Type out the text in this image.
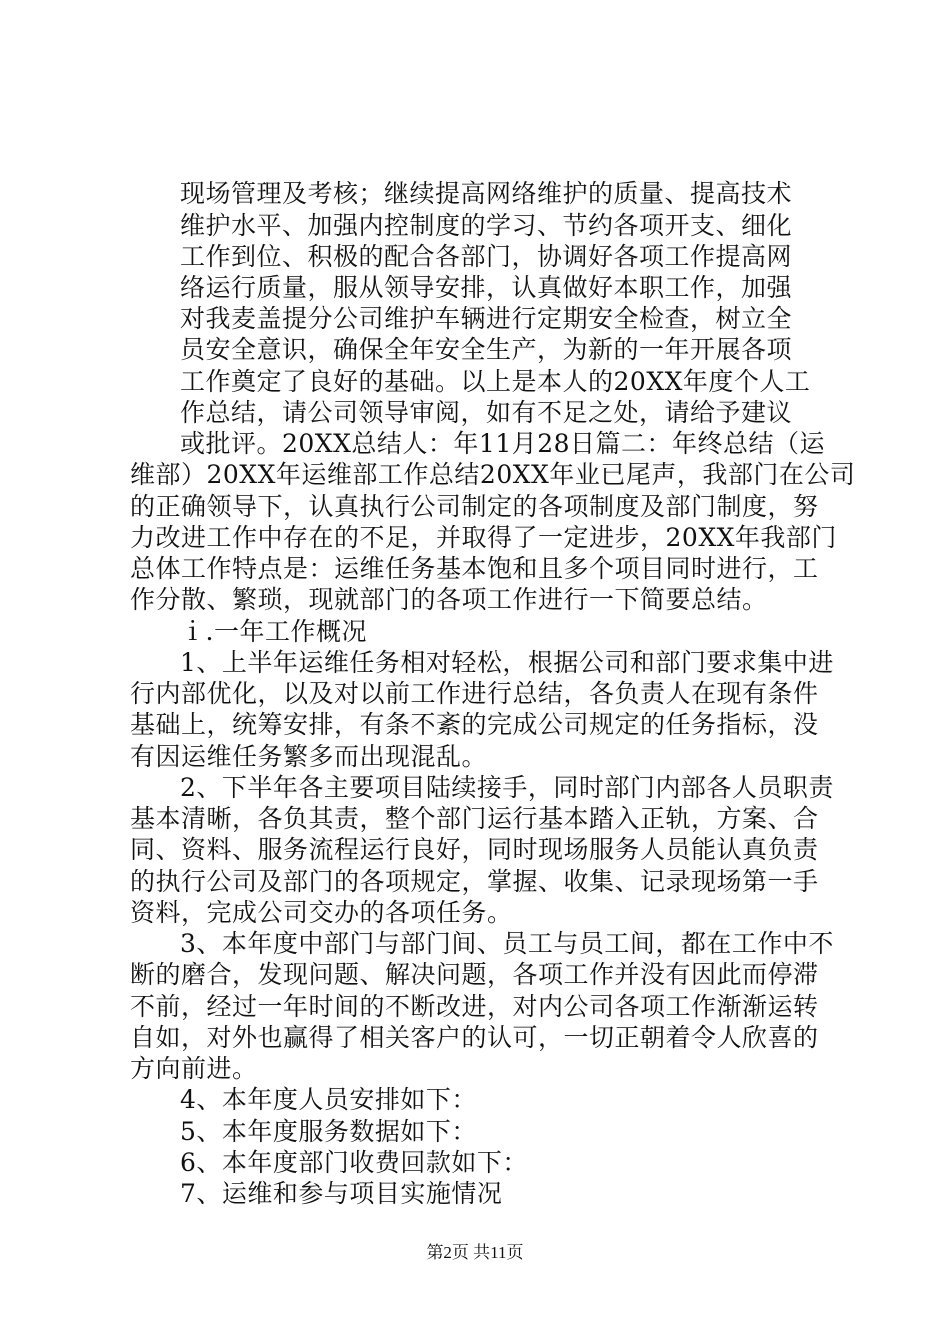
现场管理及考核；继续提高网络维护的质量、提高技术
维护水平、加强内控制度的学习、节约各项开支、细化
工作到位、积极的配合各部门，协调好各项工作提高网
络运行质量，服从领导安排，认真做好本职工作，加强
对我麦盖提分公司维护车辆进行定期安全检查，树立全
员安全意识，确保全年安全生产，为新的一年开展各项
工作奠定了良好的基础。以上是本人的20XX年度个人工
作总结，请公司领导审阅，如有不足之处，请给予建议
或批评。20XX总结人：年11月28日篇二：年终总结（运
维部）20XX年运维部工作总结20XX年业已尾声，我部门在公司
的正确领导下，认真执行公司制定的各项制度及部门制度，努
力改进工作中存在的不足，并取得了一定进步，20XX年我部门
总体工作特点是：运维任务基本饱和且多个项目同时进行，工
作分散、繁琐，现就部门的各项工作进行一下简要总结。
ｉ.一年工作概况
1、上半年运维任务相对轻松，根据公司和部门要求集中进
行内部优化，以及对以前工作进行总结，各负责人在现有条件
基础上，统筹安排，有条不紊的完成公司规定的任务指标，没
有因运维任务繁多而出现混乱。
2、下半年各主要项目陆续接手，同时部门内部各人员职责
基本清晰，各负其责，整个部门运行基本踏入正轨，方案、合
同、资料、服务流程运行良好，同时现场服务人员能认真负责
的执行公司及部门的各项规定，掌握、收集、记录现场第一手
资料，完成公司交办的各项任务。
3、本年度中部门与部门间、员工与员工间，都在工作中不
断的磨合，发现问题、解决问题，各项工作并没有因此而停滞
不前，经过一年时间的不断改进，对内公司各项工作渐渐运转
自如，对外也赢得了相关客户的认可，一切正朝着令人欣喜的
方向前进。
4、本年度人员安排如下：
5、本年度服务数据如下：
6、本年度部门收费回款如下：
7、运维和参与项目实施情况
第2页 共11页
